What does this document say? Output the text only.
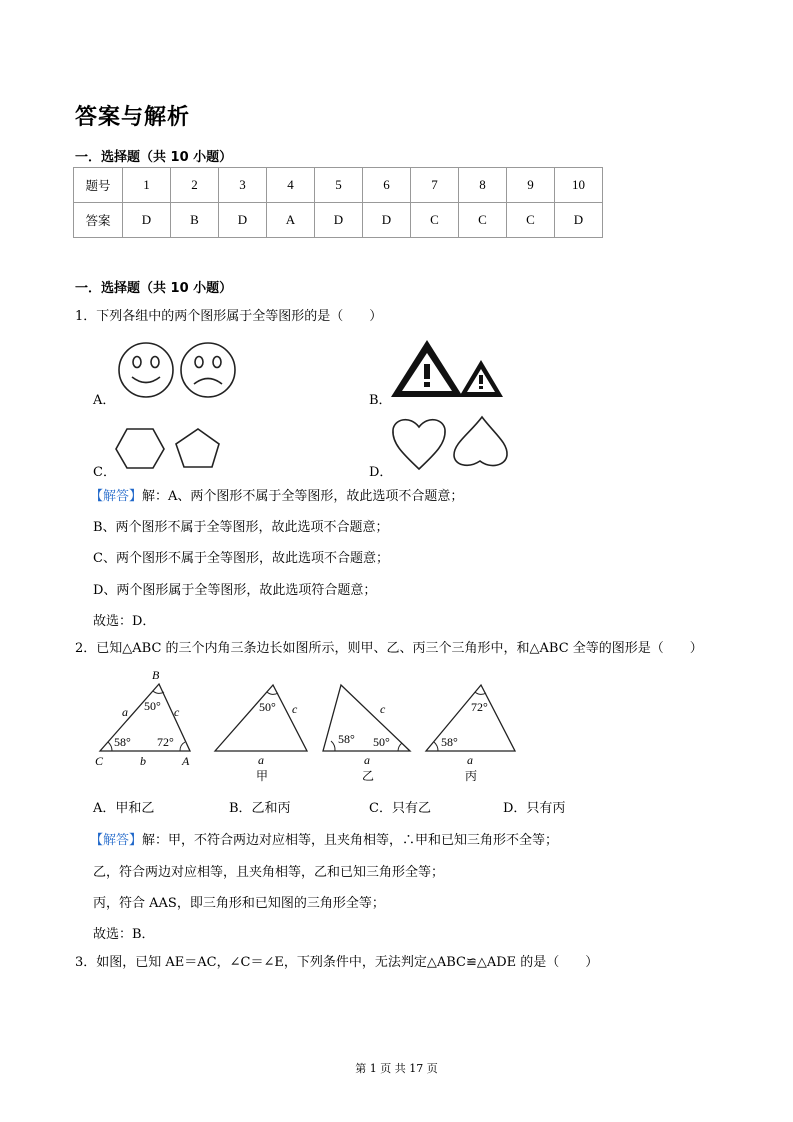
答案与解析
一．选择题（共 10 小题）
题号	1	2	3	4	5	6	7	8	9	10
答案	D	B	D	A	D	D	C	C	C	D
一．选择题（共 10 小题）
1．下列各组中的两个图形属于全等图形的是（　　）
A．	B．
C．	D．
【解答】解：A、两个图形不属于全等图形，故此选项不合题意；
B、两个图形不属于全等图形，故此选项不合题意；
C、两个图形不属于全等图形，故此选项不合题意；
D、两个图形属于全等图形，故此选项符合题意；
故选：D．
2．已知△ABC 的三个内角三条边长如图所示，则甲、乙、丙三个三角形中，和△ABC 全等的图形是（　　）
B
C	A
a
b
c
50°
58° 72°
50° c
a
甲
c
58° 50°
a
乙
72°
58°
a
丙
A．甲和乙	B．乙和丙	C．只有乙	D．只有丙
【解答】解：甲，不符合两边对应相等，且夹角相等，∴甲和已知三角形不全等；
乙，符合两边对应相等，且夹角相等，乙和已知三角形全等；
丙，符合 AAS，即三角形和已知图的三角形全等；
故选：B．
3．如图，已知 AE＝AC，∠C＝∠E，下列条件中，无法判定△ABC≌△ADE 的是（　　）
第 1 页 共 17 页
